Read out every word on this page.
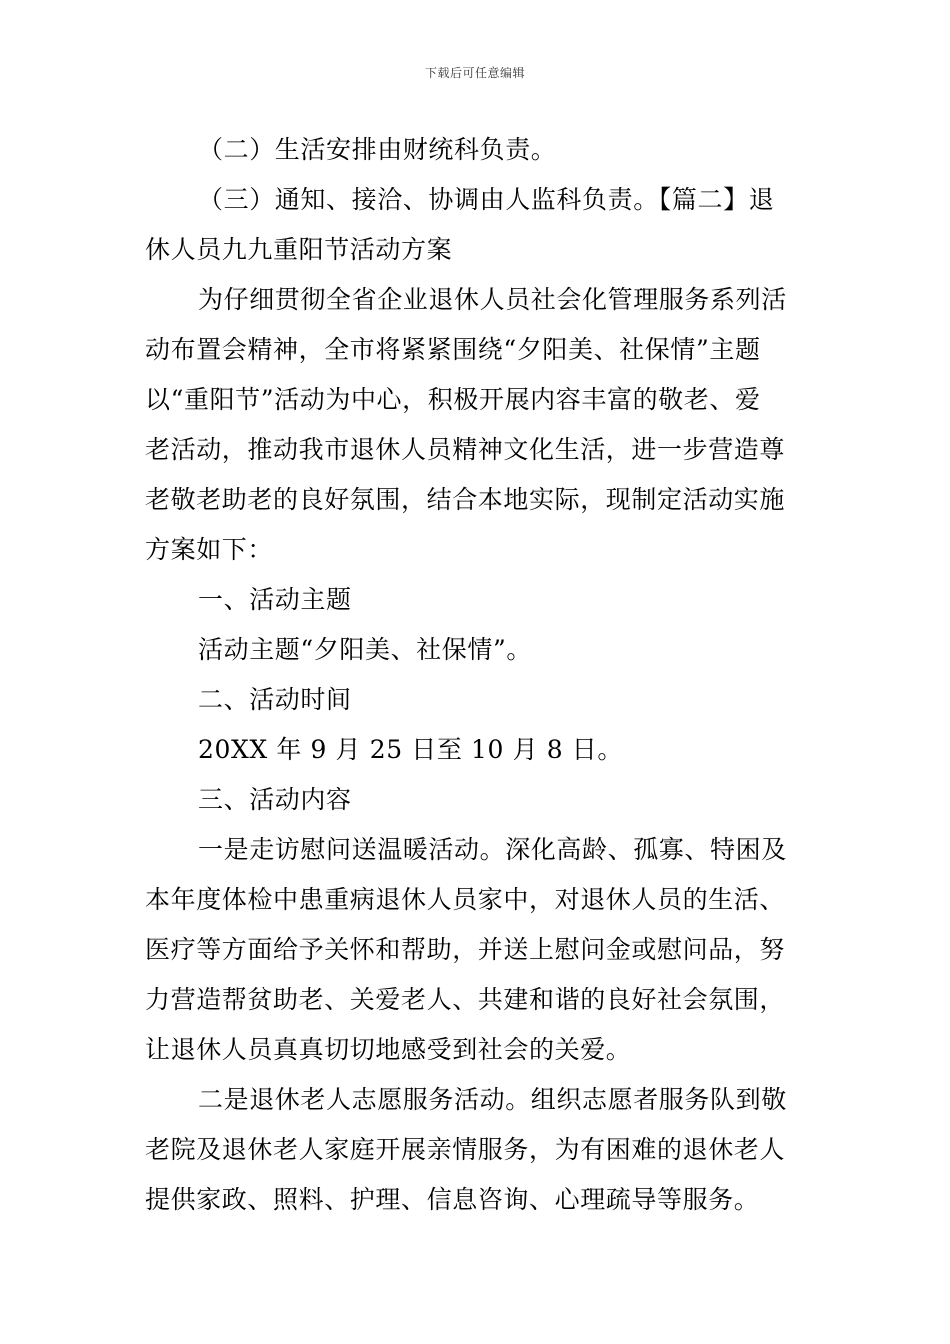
下载后可任意编辑
（二）生活安排由财统科负责。
（三）通知、接洽、协调由人监科负责。【篇二】退
休人员九九重阳节活动方案
为仔细贯彻全省企业退休人员社会化管理服务系列活
动布置会精神，全市将紧紧围绕“夕阳美、社保情”主题
以“重阳节”活动为中心，积极开展内容丰富的敬老、爱
老活动，推动我市退休人员精神文化生活，进一步营造尊
老敬老助老的良好氛围，结合本地实际，现制定活动实施
方案如下：
一、活动主题
活动主题“夕阳美、社保情”。
二、活动时间
20XX 年 9 月 25 日至 10 月 8 日。
三、活动内容
一是走访慰问送温暖活动。深化高龄、孤寡、特困及
本年度体检中患重病退休人员家中，对退休人员的生活、
医疗等方面给予关怀和帮助，并送上慰问金或慰问品，努
力营造帮贫助老、关爱老人、共建和谐的良好社会氛围，
让退休人员真真切切地感受到社会的关爱。
二是退休老人志愿服务活动。组织志愿者服务队到敬
老院及退休老人家庭开展亲情服务，为有困难的退休老人
提供家政、照料、护理、信息咨询、心理疏导等服务。
